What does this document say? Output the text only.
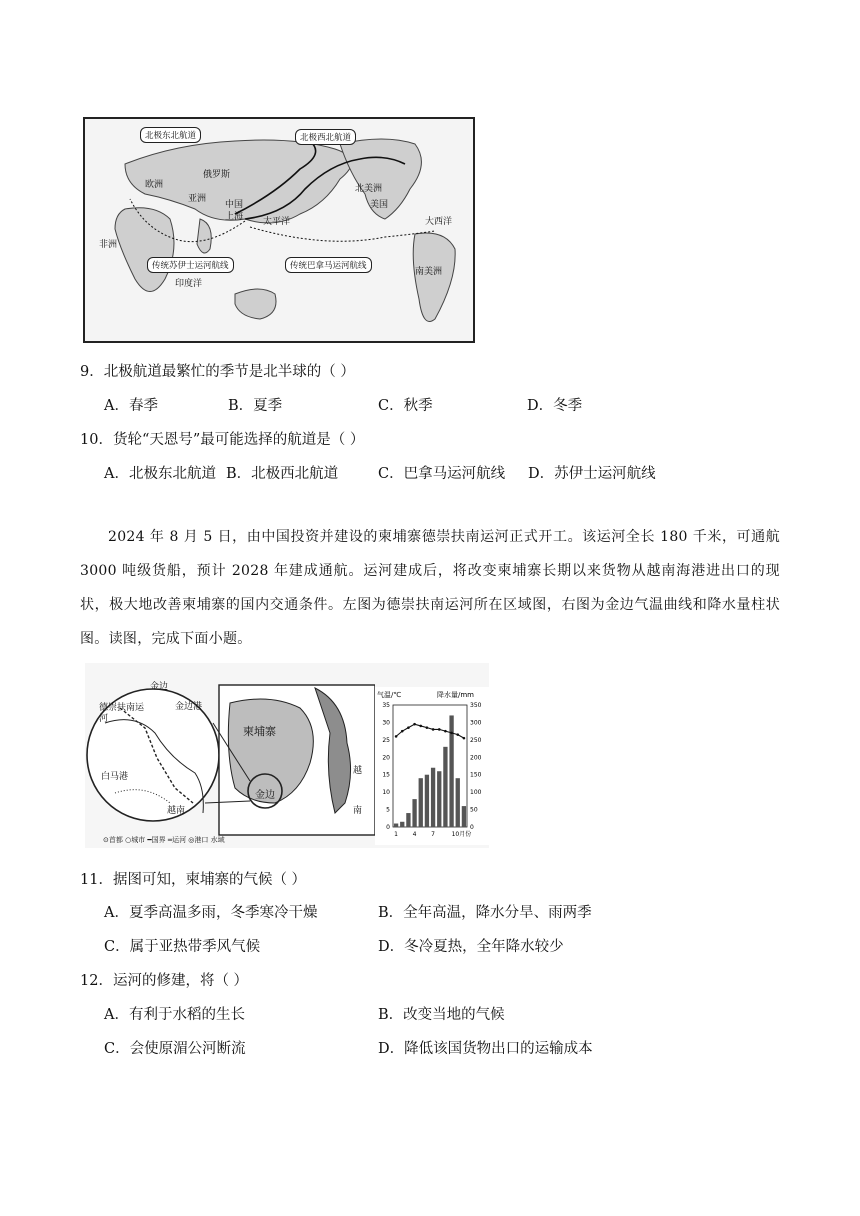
北极东北航道	北极西北航道
传统苏伊士运河航线	传统巴拿马运河航线
欧洲
俄罗斯
亚洲
中国
上海
非洲
太平洋
印度洋
北美洲
美国
大西洋
南美洲
9．北极航道最繁忙的季节是北半球的（ ）
A．春季	B．夏季	C．秋季	D．冬季
10．货轮“天恩号”最可能选择的航道是（ ）
A．北极东北航道 B．北极西北航道	C．巴拿马运河航线 D．苏伊士运河航线
2024 年 8 月 5 日，由中国投资并建设的柬埔寨德崇扶南运河正式开工。该运河全长 180 千米，可通航 3000 吨级货船，预计 2028 年建成通航。运河建成后，将改变柬埔寨长期以来货物从越南海港进出口的现状，极大地改善柬埔寨的国内交通条件。左图为德崇扶南运河所在区域图，右图为金边气温曲线和降水量柱状图。读图，完成下面小题。
金边
金边港
德崇扶南运河
白马港
越南
柬埔寨
金边
越
南
⊙首都 ○城市 ━国界 ═运河 ◎港口 水域
气温/℃	降水量/mm
0
5
10
15
20
25
30
35
0
50
100
150
200
250
300
350
1 4 7	10月份
11．据图可知，柬埔寨的气候（ ）
A．夏季高温多雨，冬季寒冷干燥	B．全年高温，降水分旱、雨两季
C．属于亚热带季风气候	D．冬冷夏热，全年降水较少
12．运河的修建，将（ ）
A．有利于水稻的生长	B．改变当地的气候
C．会使原湄公河断流	D．降低该国货物出口的运输成本
